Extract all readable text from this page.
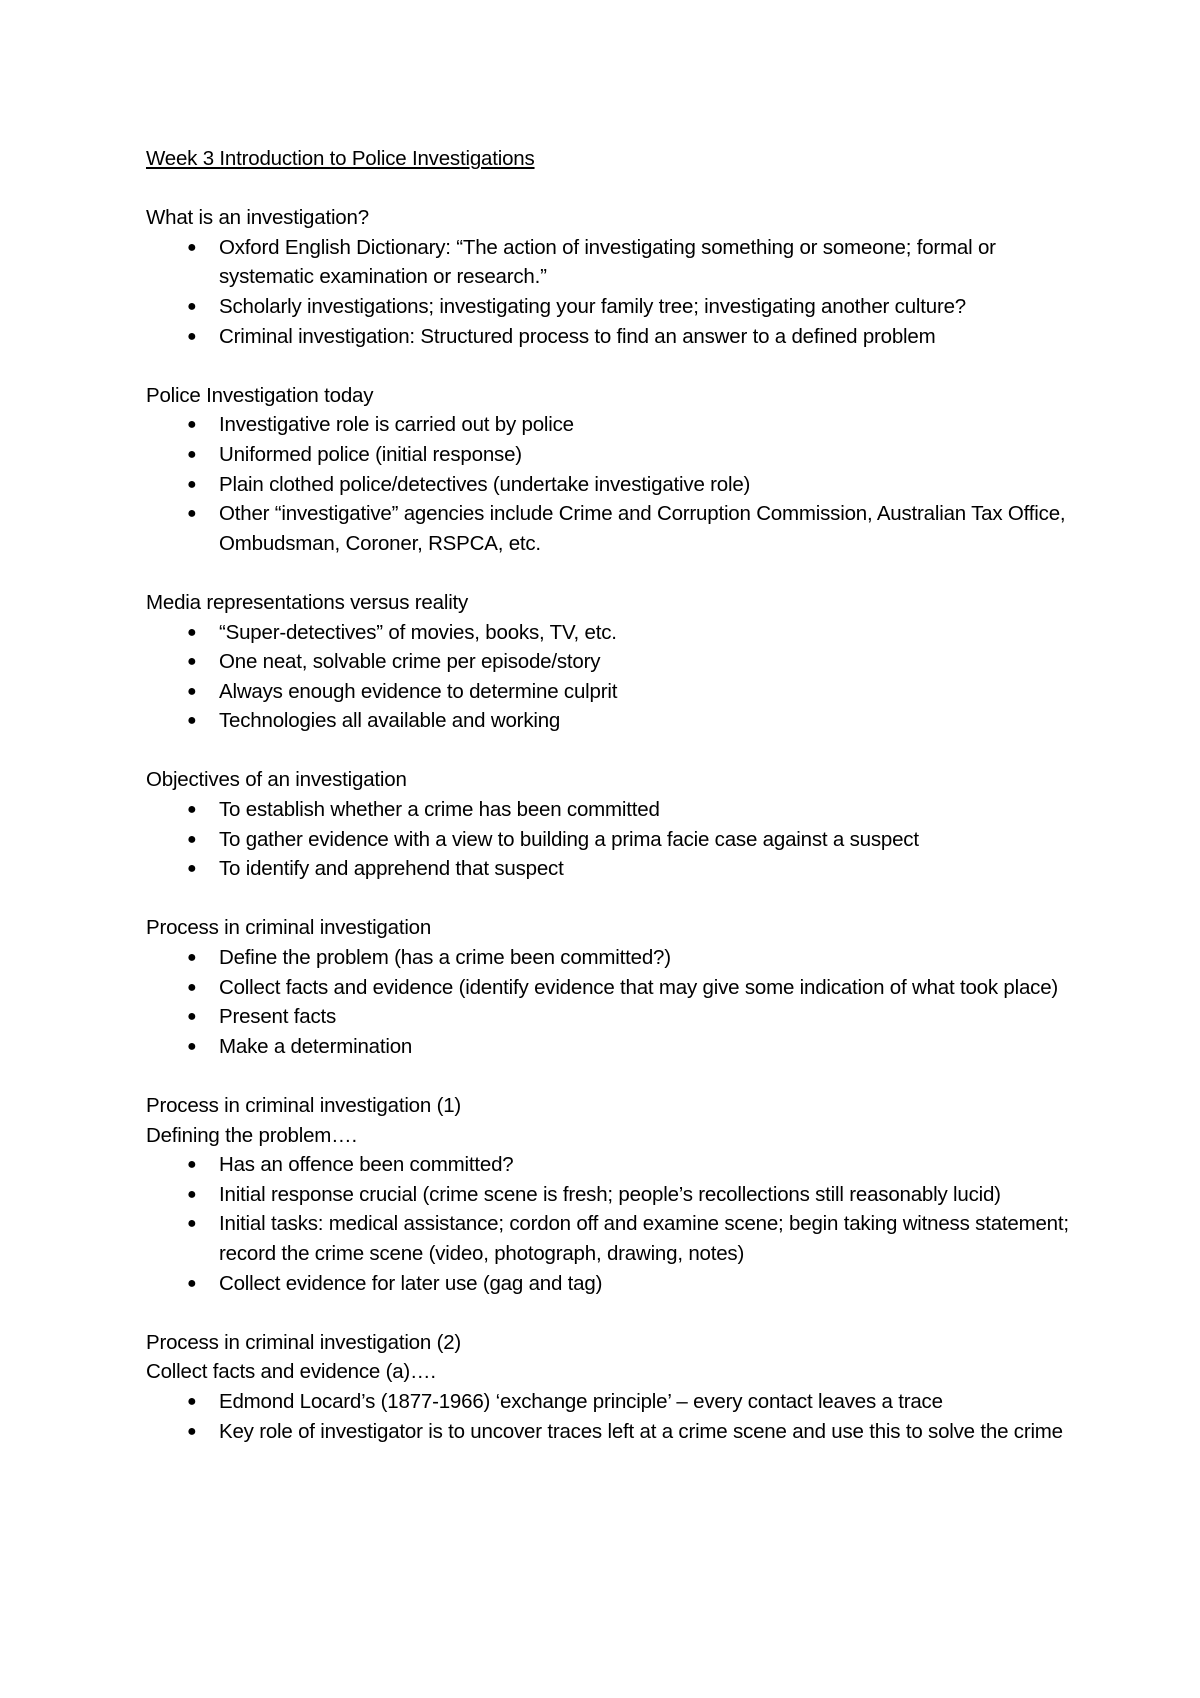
Week 3 Introduction to Police Investigations

What is an investigation?

● Oxford English Dictionary: “The action of investigating something or someone; formal or systematic examination or research.”
● Scholarly investigations; investigating your family tree; investigating another culture?
● Criminal investigation: Structured process to find an answer to a defined problem

Police Investigation today

● Investigative role is carried out by police
● Uniformed police (initial response)
● Plain clothed police/detectives (undertake investigative role)
● Other “investigative” agencies include Crime and Corruption Commission, Australian Tax Office, Ombudsman, Coroner, RSPCA, etc.

Media representations versus reality

● “Super-detectives” of movies, books, TV, etc.
● One neat, solvable crime per episode/story
● Always enough evidence to determine culprit
● Technologies all available and working

Objectives of an investigation

● To establish whether a crime has been committed
● To gather evidence with a view to building a prima facie case against a suspect
● To identify and apprehend that suspect

Process in criminal investigation

● Define the problem (has a crime been committed?)
● Collect facts and evidence (identify evidence that may give some indication of what took place)
● Present facts
● Make a determination

Process in criminal investigation (1)

Defining the problem….

● Has an offence been committed?
● Initial response crucial (crime scene is fresh; people’s recollections still reasonably lucid)
● Initial tasks: medical assistance; cordon off and examine scene; begin taking witness statement; record the crime scene (video, photograph, drawing, notes)
● Collect evidence for later use (gag and tag)

Process in criminal investigation (2)

Collect facts and evidence (a)….

● Edmond Locard’s (1877-1966) ‘exchange principle’ – every contact leaves a trace
● Key role of investigator is to uncover traces left at a crime scene and use this to solve the crime
